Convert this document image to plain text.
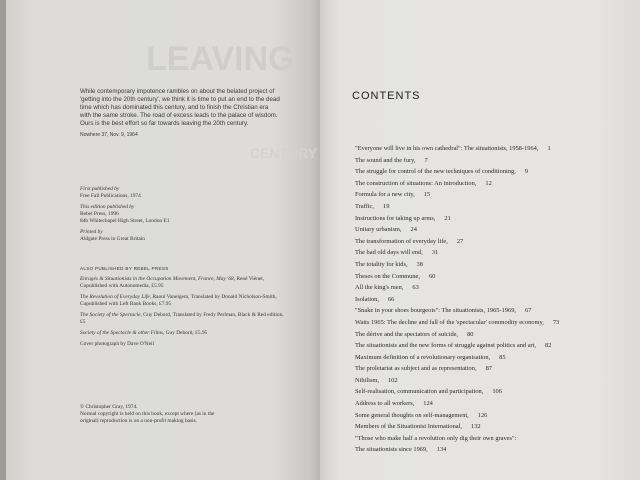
CENTURY
LEAVING
While contemporary impotence rambles on about the belated project of 'getting into the 20th century', we think it is time to put an end to the dead time which has dominated this century, and to finish the Christian era with the same stroke. The road of excess leads to the palace of wisdom. Ours is the best effort so far towards leaving the 20th century.
Nowhere 37, Nov. 9, 1964

First published by
Free Fall Publications, 1974

This edition published by
Rebel Press, 1996
84b Whitechapel High Street, London E1

Printed by
Aldgate Press in Great Britain

ALSO PUBLISHED BY REBEL PRESS

Enragés & Situationists in the Occupation Movement, France, May '68, René Viénet, Copublished with Autonomedia, £5.95

The Revolution of Everyday Life, Raoul Vaneigem, Translated by Donald Nicholson-Smith, Copublished with Left Bank Books, £7.95

The Society of the Spectacle, Guy Debord, Translated by Fredy Perlman, Black & Red edition, £5

Society of the Spectacle & other Films, Guy Debord, £5.95

Cover photograph by Dave O'Neil

© Christopher Gray, 1974.
Normal copyright is held on this book, except where (as in the original) reproduction is on a non-profit making basis.
CONTENTS
"Everyone will live in his own cathedral": The situationists, 1958-1964, 1
The sound and the fury, 7
The struggle for control of the new techniques of conditioning, 9
The construction of situations: An introduction, 12
Formula for a new city, 15
Traffic, 19
Instructions for taking up arms, 21
Unitary urbanism, 24
The transformation of everyday life, 27
The bad old days will end, 31
The totality for kids, 38
Theses on the Commune, 60
All the king's men, 63
Isolation, 66
"Snake in your shoes bourgeois": The situationists, 1965-1969, 67
Watts 1965: The decline and fall of the 'spectacular' commodity economy, 73
The dérive and the spectators of suicide, 80
The situationists and the new forms of struggle against politics and art, 82
Maximum definition of a revolutionary organisation, 85
The proletariat as subject and as representation, 87
Nihilism, 102
Self-realisation, communication and participation, 106
Address to all workers, 124
Some general thoughts on self-management, 126
Members of the Situationist International, 132
"Those who make half a revolution only dig their own graves":
The situationists since 1969, 134
